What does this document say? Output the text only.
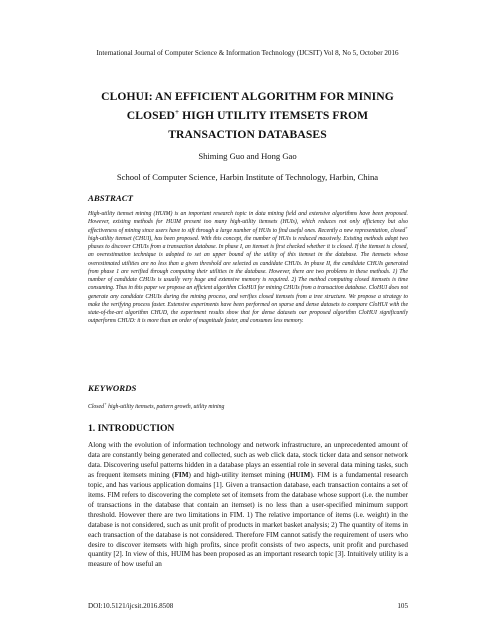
International Journal of Computer Science & Information Technology (IJCSIT) Vol 8, No 5, October 2016
CLOHUI: AN EFFICIENT ALGORITHM FOR MINING
CLOSED+ HIGH UTILITY ITEMSETS FROM
TRANSACTION DATABASES
Shiming Guo and Hong Gao
School of Computer Science, Harbin Institute of Technology, Harbin, China
ABSTRACT
High-utility itemset mining (HUIM) is an important research topic in data mining field and extensive algorithms have been proposed. However, existing methods for HUIM present too many high-utility itemsets (HUIs), which reduces not only efficiency but also effectiveness of mining since users have to sift through a large number of HUIs to find useful ones. Recently a new representation, closed+ high-utility itemset (CHUI), has been proposed. With this concept, the number of HUIs is reduced massively. Existing methods adopt two phases to discover CHUIs from a transaction database. In phase I, an itemset is first checked whether it is closed. If the itemset is closed, an overestimation technique is adopted to set an upper bound of the utility of this itemset in the database. The itemsets whose overestimated utilities are no less than a given threshold are selected as candidate CHUIs. In phase II, the candidate CHUIs generated from phase 1 are verified through computing their utilities in the database. However, there are two problems in these methods. 1) The number of candidate CHUIs is usually very huge and extensive memory is required. 2) The method computing closed itemsets is time consuming. Thus in this paper we propose an efficient algorithm CloHUI for mining CHUIs from a transaction database. CloHUI does not generate any candidate CHUIs during the mining process, and verifies closed itemsets from a tree structure. We propose a strategy to make the verifying process faster. Extensive experiments have been performed on sparse and dense datasets to compare CloHUI with the state-of-the-art algorithm CHUD, the experiment results show that for dense datasets our proposed algorithm CloHUI significantly outperforms CHUD: it is more than an order of magnitude faster, and consumes less memory.
KEYWORDS
Closed+ high-utility itemsets, pattern growth, utility mining
1. INTRODUCTION
Along with the evolution of information technology and network infrastructure, an unprecedented amount of data are constantly being generated and collected, such as web click data, stock ticker data and sensor network data. Discovering useful patterns hidden in a database plays an essential role in several data mining tasks, such as frequent itemsets mining (FIM) and high-utility itemset mining (HUIM). FIM is a fundamental research topic, and has various application domains [1]. Given a transaction database, each transaction contains a set of items. FIM refers to discovering the complete set of itemsets from the database whose support (i.e. the number of transactions in the database that contain an itemset) is no less than a user-specified minimum support threshold. However there are two limitations in FIM. 1) The relative importance of items (i.e. weight) in the database is not considered, such as unit profit of products in market basket analysis; 2) The quantity of items in each transaction of the database is not considered. Therefore FIM cannot satisfy the requirement of users who desire to discover itemsets with high profits, since profit consists of two aspects, unit profit and purchased quantity [2]. In view of this, HUIM has been proposed as an important research topic [3]. Intuitively utility is a measure of how useful an
DOI:10.5121/ijcsit.2016.8508	105
